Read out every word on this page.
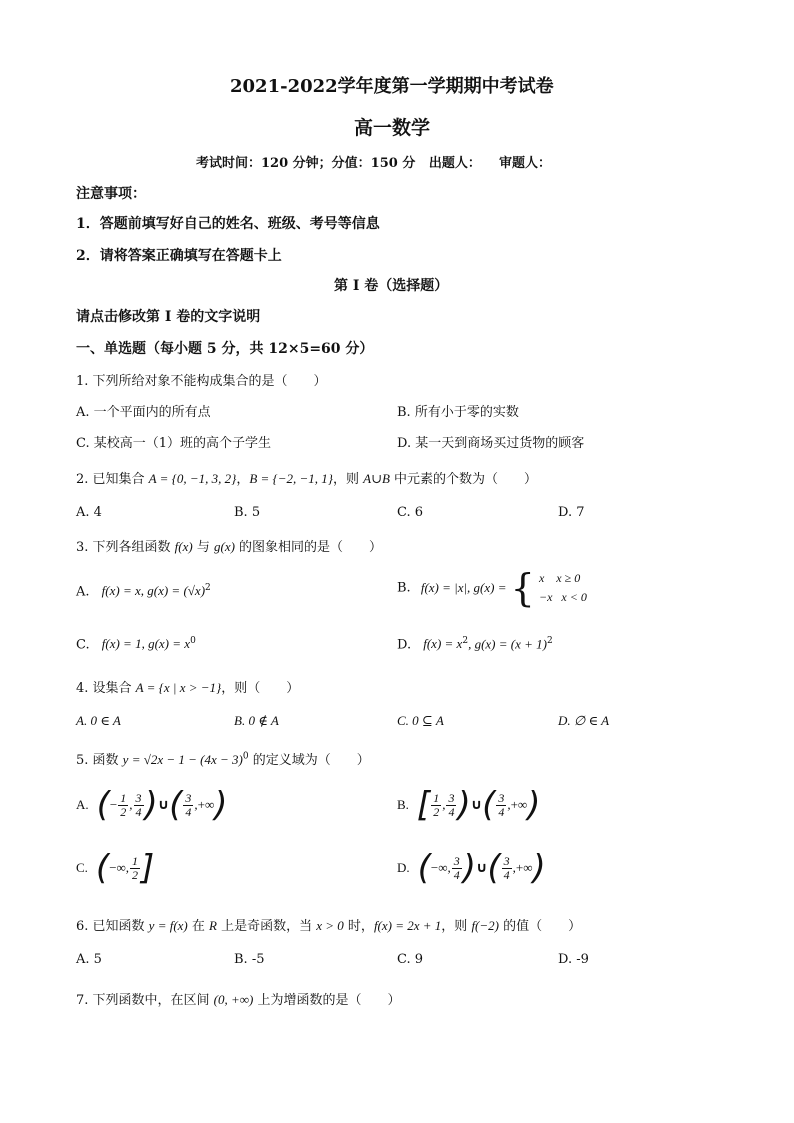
2021-2022学年度第一学期期中考试卷
高一数学
考试时间：120 分钟；分值：150 分   出题人：    审题人：
注意事项：
1．答题前填写好自己的姓名、班级、考号等信息
2．请将答案正确填写在答题卡上
第 I 卷（选择题）
请点击修改第 I 卷的文字说明
一、单选题（每小题 5 分，共 12×5=60 分）
1. 下列所给对象不能构成集合的是（　　）
A. 一个平面内的所有点	B. 所有小于零的实数
C. 某校高一（1）班的高个子学生	D. 某一天到商场买过货物的顾客
2. 已知集合 A = {0, −1, 3, 2}，B = {−2, −1, 1}，则 A∪B 中元素的个数为（　　）
A. 4	B. 5	C. 6	D. 7
3. 下列各组函数 f(x) 与 g(x) 的图象相同的是（　　）
A. f(x) = x, $g(x) = (√x)^2$	B. f(x) = |x|, g(x) = { x    x ≥ 0
−x   x < 0
C. f(x) = 1, $g(x) = x^0$	D. $f(x) = x^2$, $g(x) = (x + 1)^2$
4. 设集合 A = {x | x > −1}，则（　　）
A. 0 ∈ A	B. 0 ∉ A	C. 0 ⊆ A	D. ∅ ∈ A
5. 函数 $y = √2x - 1 - (4x - 3)^0$ 的定义域为（　　）
A. (− $\frac{1}{2}$ , $\frac{3}{4}$ )∪( $\frac{3}{4}$ ,+∞)	B. [ $\frac{1}{2}$ , $\frac{3}{4}$ )∪( $\frac{3}{4}$ ,+∞)
C. (−∞, $\frac{1}{2}$ ]	D. (−∞, $\frac{3}{4}$ )∪( $\frac{3}{4}$ ,+∞)
6. 已知函数 y = f(x) 在 R 上是奇函数，当 x > 0 时，f(x) = 2x + 1，则 f(−2) 的值（　　）
A. 5	B. -5	C. 9	D. -9
7. 下列函数中，在区间 (0, +∞) 上为增函数的是（　　）
